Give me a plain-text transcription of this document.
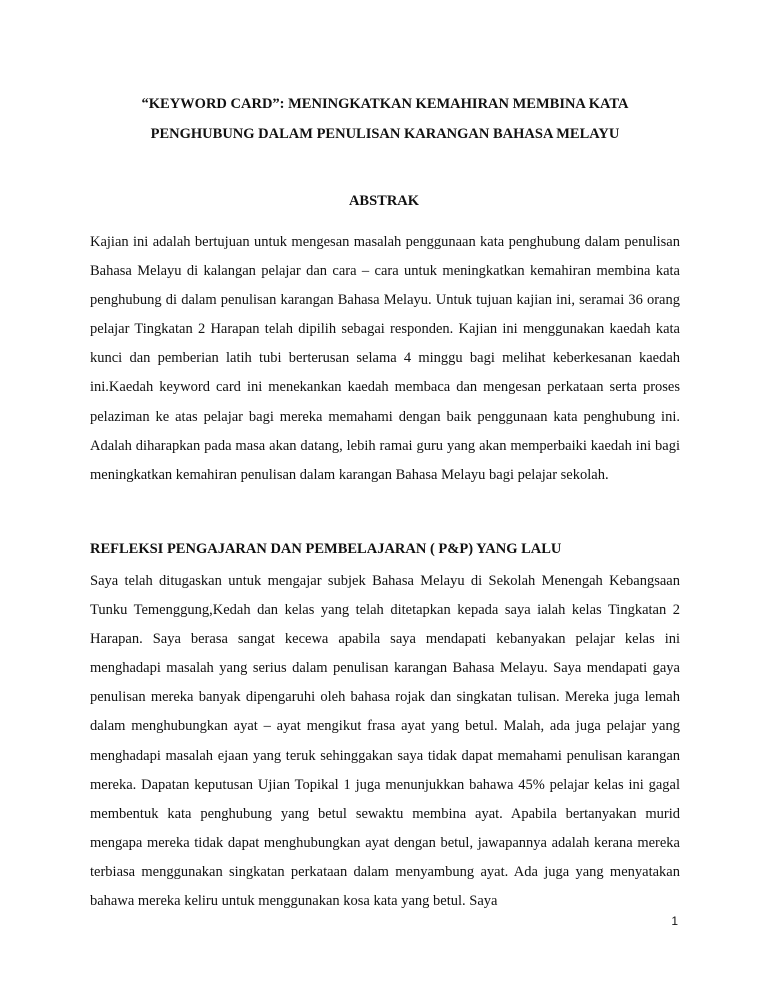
“KEYWORD CARD”: MENINGKATKAN KEMAHIRAN MEMBINA KATA PENGHUBUNG DALAM PENULISAN KARANGAN BAHASA MELAYU
ABSTRAK

Kajian ini adalah bertujuan untuk mengesan masalah penggunaan kata penghubung dalam penulisan Bahasa Melayu di kalangan pelajar dan cara – cara untuk meningkatkan kemahiran membina kata penghubung di dalam penulisan karangan Bahasa Melayu. Untuk tujuan kajian ini, seramai 36 orang pelajar Tingkatan 2 Harapan telah dipilih sebagai responden. Kajian ini menggunakan kaedah kata kunci dan pemberian latih tubi berterusan selama 4 minggu bagi melihat keberkesanan kaedah ini.Kaedah keyword card ini menekankan kaedah membaca dan mengesan perkataan serta proses pelaziman ke atas pelajar bagi mereka memahami dengan baik penggunaan kata penghubung ini. Adalah diharapkan pada masa akan datang, lebih ramai guru yang akan memperbaiki kaedah ini bagi meningkatkan kemahiran penulisan dalam karangan Bahasa Melayu bagi pelajar sekolah.

REFLEKSI PENGAJARAN DAN PEMBELAJARAN ( P&P) YANG LALU

Saya telah ditugaskan untuk mengajar subjek Bahasa Melayu di Sekolah Menengah Kebangsaan Tunku Temenggung,Kedah dan kelas yang telah ditetapkan kepada saya ialah kelas Tingkatan 2 Harapan. Saya berasa sangat kecewa apabila saya mendapati kebanyakan pelajar kelas ini menghadapi masalah yang serius dalam penulisan karangan Bahasa Melayu. Saya mendapati gaya penulisan mereka banyak dipengaruhi oleh bahasa rojak dan singkatan tulisan. Mereka juga lemah dalam menghubungkan ayat – ayat mengikut frasa ayat yang betul. Malah, ada juga pelajar yang menghadapi masalah ejaan yang teruk sehinggakan saya tidak dapat memahami penulisan karangan mereka. Dapatan keputusan Ujian Topikal 1 juga menunjukkan bahawa 45% pelajar kelas ini gagal membentuk kata penghubung yang betul sewaktu membina ayat. Apabila bertanyakan murid mengapa mereka tidak dapat menghubungkan ayat dengan betul, jawapannya adalah kerana mereka terbiasa menggunakan singkatan perkataan dalam menyambung ayat. Ada juga yang menyatakan bahawa mereka keliru untuk menggunakan kosa kata yang betul. Saya

1
